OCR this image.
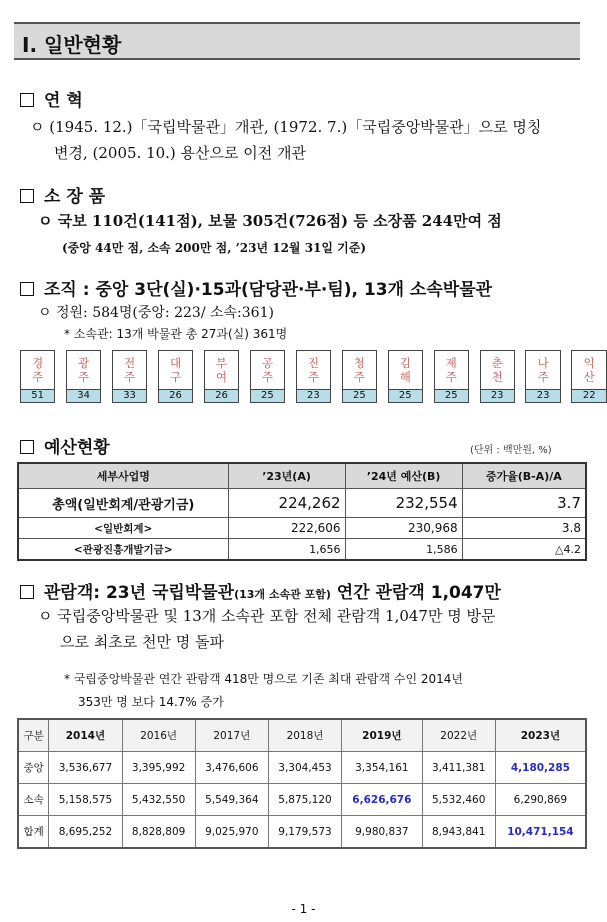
Ⅰ. 일반현황
연 혁
ㅇ (1945. 12.)「국립박물관」개관, (1972. 7.)「국립중앙박물관」으로 명칭
변경, (2005. 10.) 용산으로 이전 개관
소 장 품
ㅇ 국보 110건(141점), 보물 305건(726점) 등 소장품 244만여 점
(중앙 44만 점, 소속 200만 점, ’23년 12월 31일 기준)
조직 : 중앙 3단(실)·15과(담당관·부·팀), 13개 소속박물관
ㅇ 정원: 584명(중앙: 223/ 소속:361)
* 소속관: 13개 박물관 총 27과(실) 361명
경
주		광
주		전
주		대
구		부
여		공
주		진
주		청
주		김
해		제
주		춘
천		나
주		익
산
51		34		33		26		26		25		23		25		25		25		23		23		22
예산현황	(단위 : 백만원, %)
세부사업명	’23년(A)	’24년 예산(B)	증가율(B-A)/A
총액(일반회계/관광기금)	224,262	232,554	3.7
<일반회계>	222,606	230,968	3.8
<관광진흥개발기금>	1,656	1,586	△4.2
관람객: 23년 국립박물관(13개 소속관 포함) 연간 관람객 1,047만
ㅇ 국립중앙박물관 및 13개 소속관 포함 전체 관람객 1,047만 명 방문
으로 최초로 천만 명 돌파
* 국립중앙박물관 연간 관람객 418만 명으로 기존 최대 관람객 수인 2014년
353만 명 보다 14.7% 증가
구분	2014년	2016년	2017년	2018년	2019년	2022년	2023년
중앙	3,536,677	3,395,992	3,476,606	3,304,453	3,354,161	3,411,381	4,180,285
소속	5,158,575	5,432,550	5,549,364	5,875,120	6,626,676	5,532,460	6,290,869
합계	8,695,252	8,828,809	9,025,970	9,179,573	9,980,837	8,943,841	10,471,154
- 1 -
